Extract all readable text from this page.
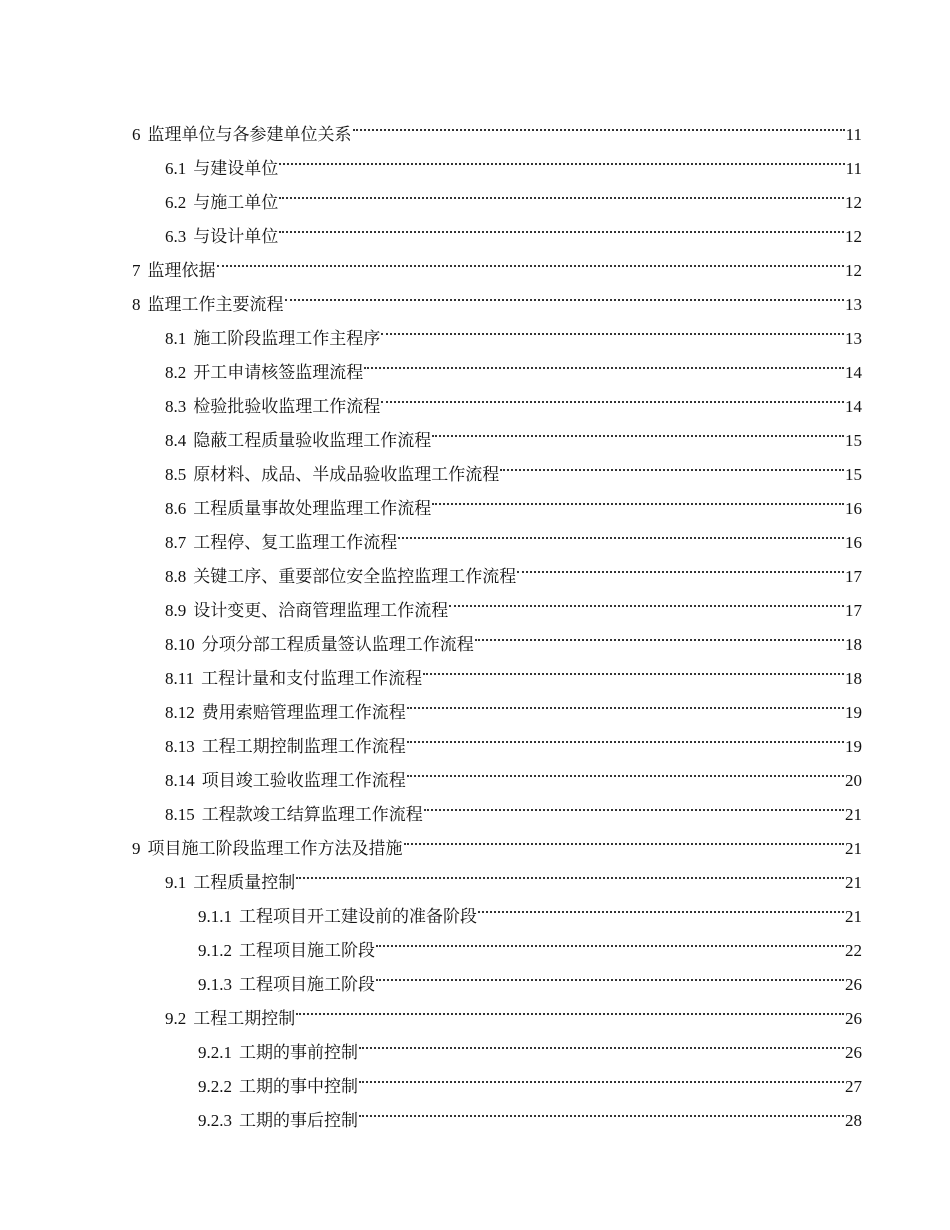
6 监理单位与各参建单位关系	11
6.1 与建设单位	11
6.2 与施工单位	12
6.3 与设计单位	12
7 监理依据	12
8 监理工作主要流程	13
8.1 施工阶段监理工作主程序	13
8.2 开工申请核签监理流程	14
8.3 检验批验收监理工作流程	14
8.4 隐蔽工程质量验收监理工作流程	15
8.5 原材料、成品、半成品验收监理工作流程	15
8.6 工程质量事故处理监理工作流程	16
8.7 工程停、复工监理工作流程	16
8.8 关键工序、重要部位安全监控监理工作流程	17
8.9 设计变更、洽商管理监理工作流程	17
8.10 分项分部工程质量签认监理工作流程	18
8.11 工程计量和支付监理工作流程	18
8.12 费用索赔管理监理工作流程	19
8.13 工程工期控制监理工作流程	19
8.14 项目竣工验收监理工作流程	20
8.15 工程款竣工结算监理工作流程	21
9 项目施工阶段监理工作方法及措施	21
9.1 工程质量控制	21
9.1.1 工程项目开工建设前的准备阶段	21
9.1.2 工程项目施工阶段	22
9.1.3 工程项目施工阶段	26
9.2 工程工期控制	26
9.2.1 工期的事前控制	26
9.2.2 工期的事中控制	27
9.2.3 工期的事后控制	28
